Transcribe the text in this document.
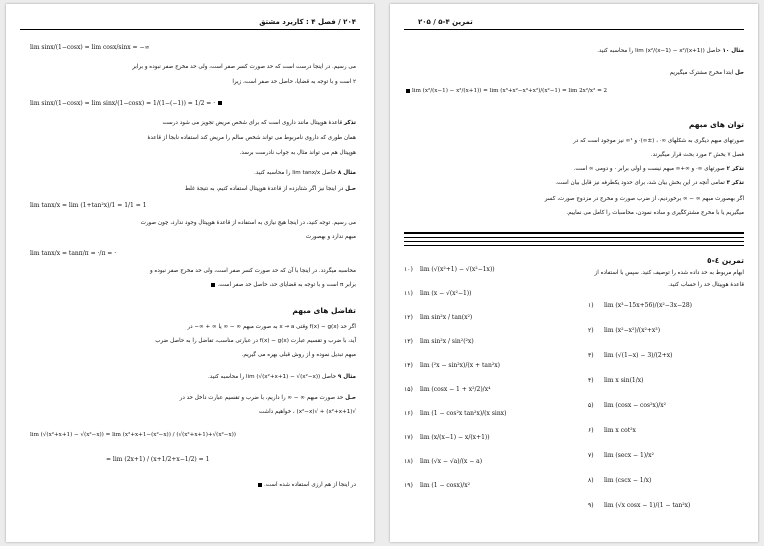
۲۰۴ / فصل ۴ : کاربرد مشتق
lim sinx/(1−cosx) = lim cosx/sinx = −∞
می رسیم. در اینجا درست است که حد صورت کسر صفر است، ولی حد مخرج صفر نبوده و برابر
۲ است و با توجه به قضایا، حاصل حد صفر است، زیرا
lim sinx/(1−cosx) = lim sinx/(1−cosx) = 1/(1−(−1)) = 1/2 = ·
تذکر قاعدهٔ هوپیتال مانند داروی است که برای شخص مریض تجویز می شود درست
همان طوری که داروی نامربوط می تواند شخص سالم را مریض کند استفاده نابجا از قاعدهٔ
هوپیتال هم می تواند مثال به جواب نادرست برسد.
مثال ۸ حاصل lim tanx/x را محاسبه کنید.
حـل در اینجا نیز اگر شتابزده از قاعدهٔ هوپیتال استفاده کنیم، به نتیجهٔ غلط
lim tanx/x = lim (1+tan²x)/1 = 1/1 = 1
می رسیم. توجه کنید، در اینجا هیچ نیازی به استفاده از قاعدهٔ هوپیتال وجود ندارد، چون صورت
مبهم ندارد و بهصورت
lim tanx/x = tanπ/π = ·/π = ·
محاسبه میگردد. در اینجا با آن که حد صورت کسر صفر است، ولی حد مخرج صفر نبوده و
برابر π است و با توجه به قضایای حد، حاصل حد صفر است.
تفاضل های مبهم
اگر حد f(x) − g(x) وقتی x → a به صورت مبهم ∞ − ∞ یا ∞ + ∞− در
آید، با ضرب و تقسیم عبارت f(x) − g(x) در عبارتی مناسب، تفاضل را به حاصل ضرب
مبهم تبدیل نموده و از روش قبلی بهره می گیریم.
مثال ۹ حاصل lim (√(x²+x+1) − √(x²−x)) را محاسبه کنید.
حـل حد صورت مبهم ∞ − ∞ را داریم، با ضرب و تقسیم عبارت داخل حد در
√(x²+x+1) + √(x²−x) ، خواهیم داشت
lim (√(x²+x+1) − √(x²−x)) = lim (x²+x+1−(x²−x)) / (√(x²+x+1)+√(x²−x))
= lim (2x+1) / (x+1/2+x−1/2) = 1
در اینجا از هم ارزی استفاده شده است.
تمرین ۴-۵ / ۲۰۵
مثال ۱۰ حاصل lim (x²/(x−1) − x²/(x+1)) را محاسبه کنید.
حل ابتدا مخرج مشترک میگیریم
lim (x²/(x−1) − x²/(x+1)) = lim (x³+x²−x³+x²)/(x²−1) = lim 2x²/x² = 2
توان های مبهم
صورتهای مبهم دیگری به شکلهای ∞· ، (±∞)· و ¹∞ نیز موجود است که در
فصل ۷ بخش ۳ مورد بحث قرار میگیرند.
تذکر ۲ صورتهای ∞· و ∞+∞ مبهم نیست و اولی برابر · و دومی ∞ است.
تذکر ۳ تمامی آنچه در این بخش بیان شد، برای حدود یکطرفه نیز قابل بیان است.
اگر بهصورت مبهم ∞ − ∞ برخوردیم، از ضرب صورت و مخرج در مزدوج صورت، کسر
میگیریم یا با مخرج مشترکگیری و ساده نمودن، محاسبات را کامل می نماییم.
تمرین ٤-٥
ابهام مربوط به حد داده شده را توصیف کنید. سپس با استفاده از
قاعدهٔ هوپیتال حد را حساب کنید.
۱) lim (x³−15x+56)/(x²−3x−28)
۲) lim (x²−x²)/(x²+x³)
۳) lim (√(1−x) − 3)/(2+x)
۴) lim x sin(1/x)
۵) lim (cosx − cos²x)/x²
۶) lim x cot²x
۷) lim (secx − 1)/x²
۸) lim (cscx − 1/x)
۹) lim (√x cosx − 1)/(1 − tan²x)
۱۰) lim (√(x²+1) − √(x²−1x))
۱۱) lim (x − √(x²−1))
۱۲) lim sin²x / tan(x²)
۱۳) lim sin²x / sin²(²x)
۱۴) lim (²x − sin²x)/(x + tan²x)
۱۵) lim (cosx − 1 + x²/2)/x⁴
۱۶) lim (1 − cos²x tan²x)/(x sinx)
۱۷) lim (x/(x−1) − x/(x+1))
۱۸) lim (√x − √a)/(x − a)
۱۹) lim (1 − cosx)/x²
